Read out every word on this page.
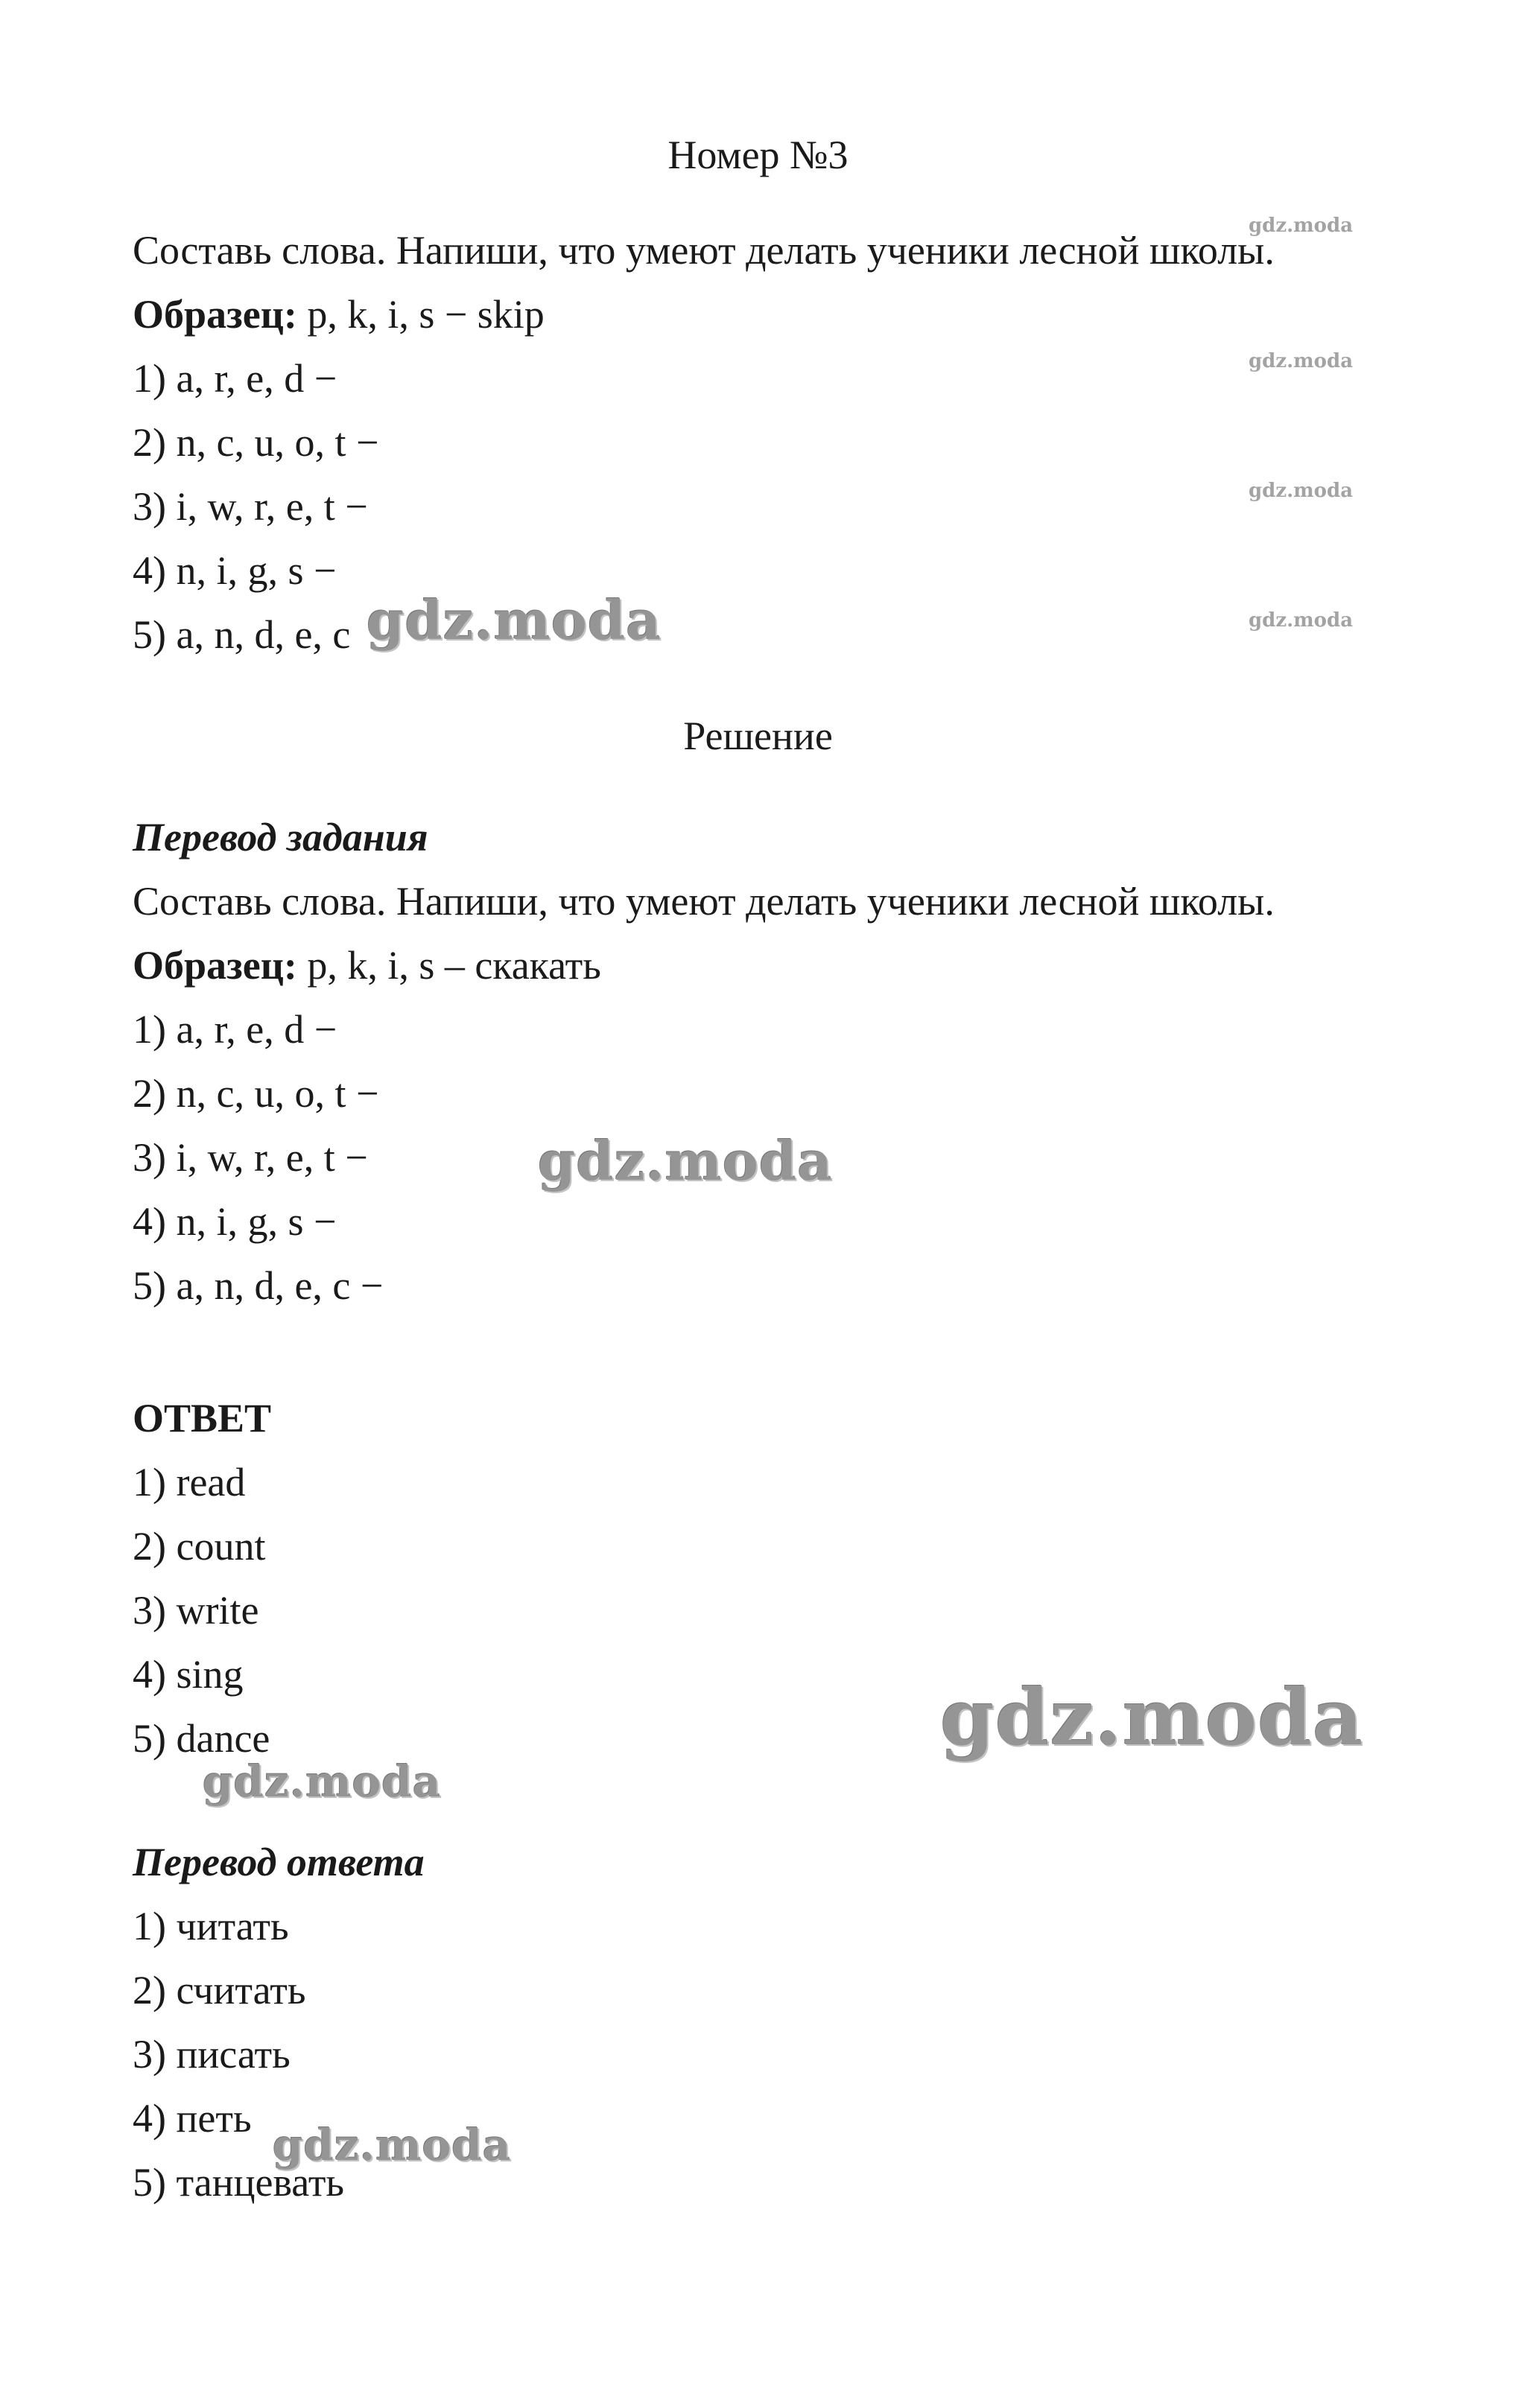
Номер №3
Составь слова. Напиши, что умеют делать ученики лесной школы.
Образец: p, k, i, s − skip
1) a, r, e, d −
2) n, c, u, o, t −
3) i, w, r, e, t −
4) n, i, g, s −
5) a, n, d, e, c
Решение
Перевод задания
Составь слова. Напиши, что умеют делать ученики лесной школы.
Образец: p, k, i, s – скакать
1) a, r, e, d −
2) n, c, u, o, t −
3) i, w, r, e, t −
4) n, i, g, s −
5) a, n, d, e, c −
ОТВЕТ
1) read
2) count
3) write
4) sing
5) dance
Перевод ответа
1) читать
2) считать
3) писать
4) петь
5) танцевать
gdz.moda
gdz.moda
gdz.moda
gdz.moda
gdz.moda
gdz.moda
gdz.moda
gdz.moda
gdz.moda
